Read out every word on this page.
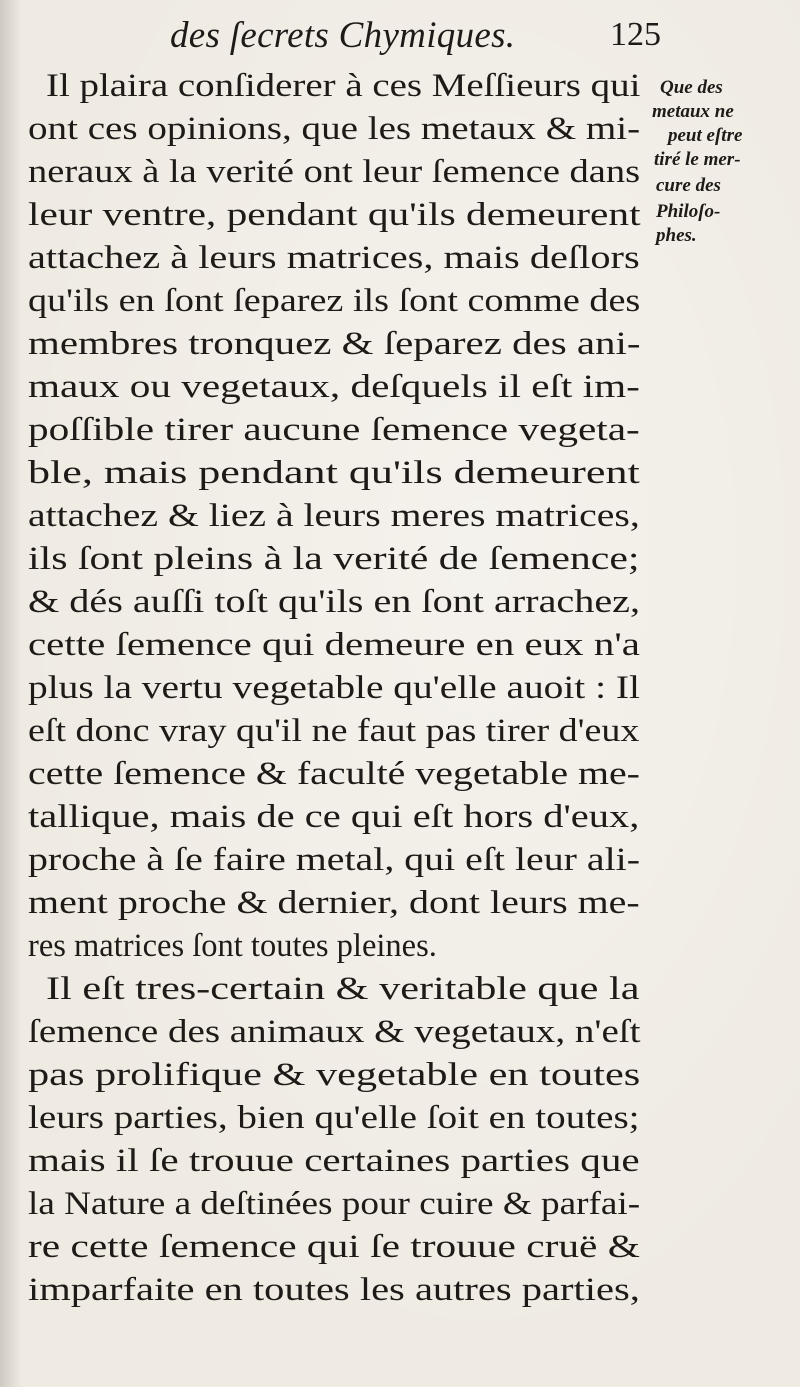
des ſecrets Chymiques.	125
Il plaira conſiderer à ces Meſſieurs qui
ont ces opinions, que les metaux & mi-
neraux à la verité ont leur ſemence dans
leur ventre, pendant qu'ils demeurent
attachez à leurs matrices, mais deſlors
qu'ils en ſont ſeparez ils ſont comme des
membres tronquez & ſeparez des ani-
maux ou vegetaux, deſquels il eſt im-
poſſible tirer aucune ſemence vegeta-
ble, mais pendant qu'ils demeurent
attachez & liez à leurs meres matrices,
ils ſont pleins à la verité de ſemence;
& dés auſſi toſt qu'ils en ſont arrachez,
cette ſemence qui demeure en eux n'a
plus la vertu vegetable qu'elle auoit : Il
eſt donc vray qu'il ne faut pas tirer d'eux
cette ſemence & faculté vegetable me-
tallique, mais de ce qui eſt hors d'eux,
proche à ſe faire metal, qui eſt leur ali-
ment proche & dernier, dont leurs me-
res matrices ſont toutes pleines.
Il eſt tres-certain & veritable que la
ſemence des animaux & vegetaux, n'eſt
pas prolifique & vegetable en toutes
leurs parties, bien qu'elle ſoit en toutes;
mais il ſe trouue certaines parties que
la Nature a deſtinées pour cuire & parfai-
re cette ſemence qui ſe trouue cruë &
imparfaite en toutes les autres parties,
Que des
metaux ne
peut eſtre
tiré le mer-
cure des
Philoſo-
phes.
